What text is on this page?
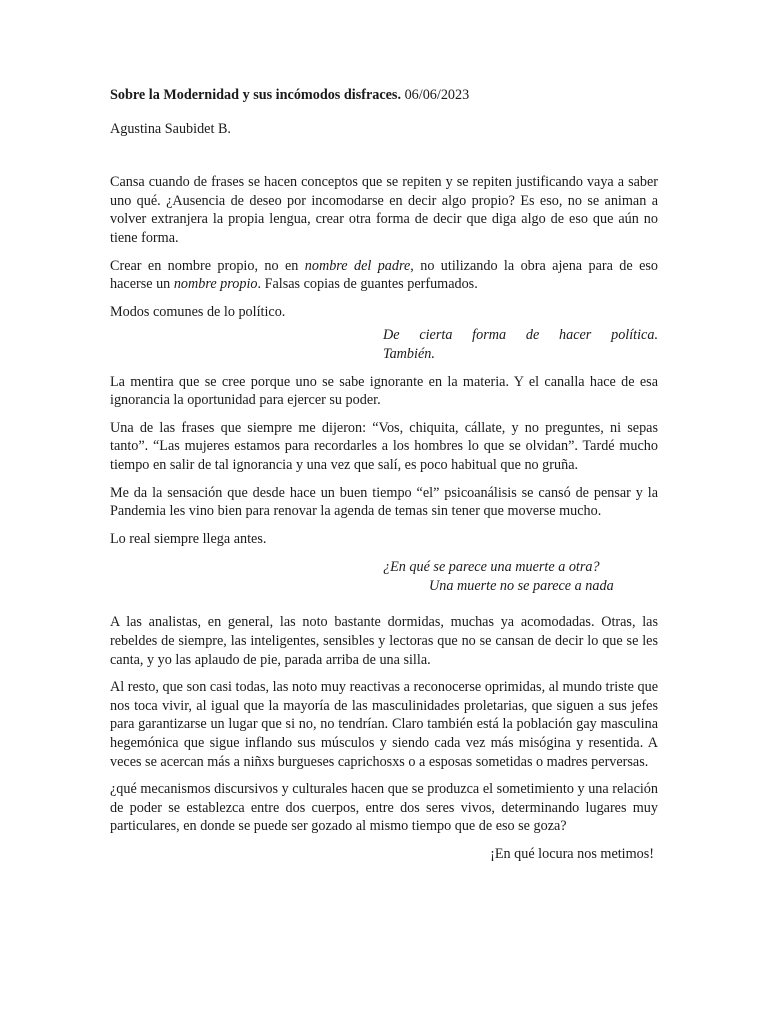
Sobre la Modernidad y sus incómodos disfraces. 06/06/2023
Agustina Saubidet B.

Cansa cuando de frases se hacen conceptos que se repiten y se repiten justificando vaya a saber uno qué. ¿Ausencia de deseo por incomodarse en decir algo propio? Es eso, no se animan a volver extranjera la propia lengua, crear otra forma de decir que diga algo de eso que aún no tiene forma.

Crear en nombre propio, no en nombre del padre, no utilizando la obra ajena para de eso hacerse un nombre propio. Falsas copias de guantes perfumados.

Modos comunes de lo político.

De cierta forma de hacer política.
También.

La mentira que se cree porque uno se sabe ignorante en la materia. Y el canalla hace de esa ignorancia la oportunidad para ejercer su poder.

Una de las frases que siempre me dijeron: “Vos, chiquita, cállate, y no preguntes, ni sepas tanto”. “Las mujeres estamos para recordarles a los hombres lo que se olvidan”. Tardé mucho tiempo en salir de tal ignorancia y una vez que salí, es poco habitual que no gruña.

Me da la sensación que desde hace un buen tiempo “el” psicoanálisis se cansó de pensar y la Pandemia les vino bien para renovar la agenda de temas sin tener que moverse mucho.

Lo real siempre llega antes.

¿En qué se parece una muerte a otra?
Una muerte no se parece a nada

A las analistas, en general, las noto bastante dormidas, muchas ya acomodadas. Otras, las rebeldes de siempre, las inteligentes, sensibles y lectoras que no se cansan de decir lo que se les canta, y yo las aplaudo de pie, parada arriba de una silla.

Al resto, que son casi todas, las noto muy reactivas a reconocerse oprimidas, al mundo triste que nos toca vivir, al igual que la mayoría de las masculinidades proletarias, que siguen a sus jefes para garantizarse un lugar que si no, no tendrían. Claro también está la población gay masculina hegemónica que sigue inflando sus músculos y siendo cada vez más misógina y resentida. A veces se acercan más a niñxs burgueses caprichosxs o a esposas sometidas o madres perversas.

¿qué mecanismos discursivos y culturales hacen que se produzca el sometimiento y una relación de poder se establezca entre dos cuerpos, entre dos seres vivos, determinando lugares muy particulares, en donde se puede ser gozado al mismo tiempo que de eso se goza?

¡En qué locura nos metimos!
